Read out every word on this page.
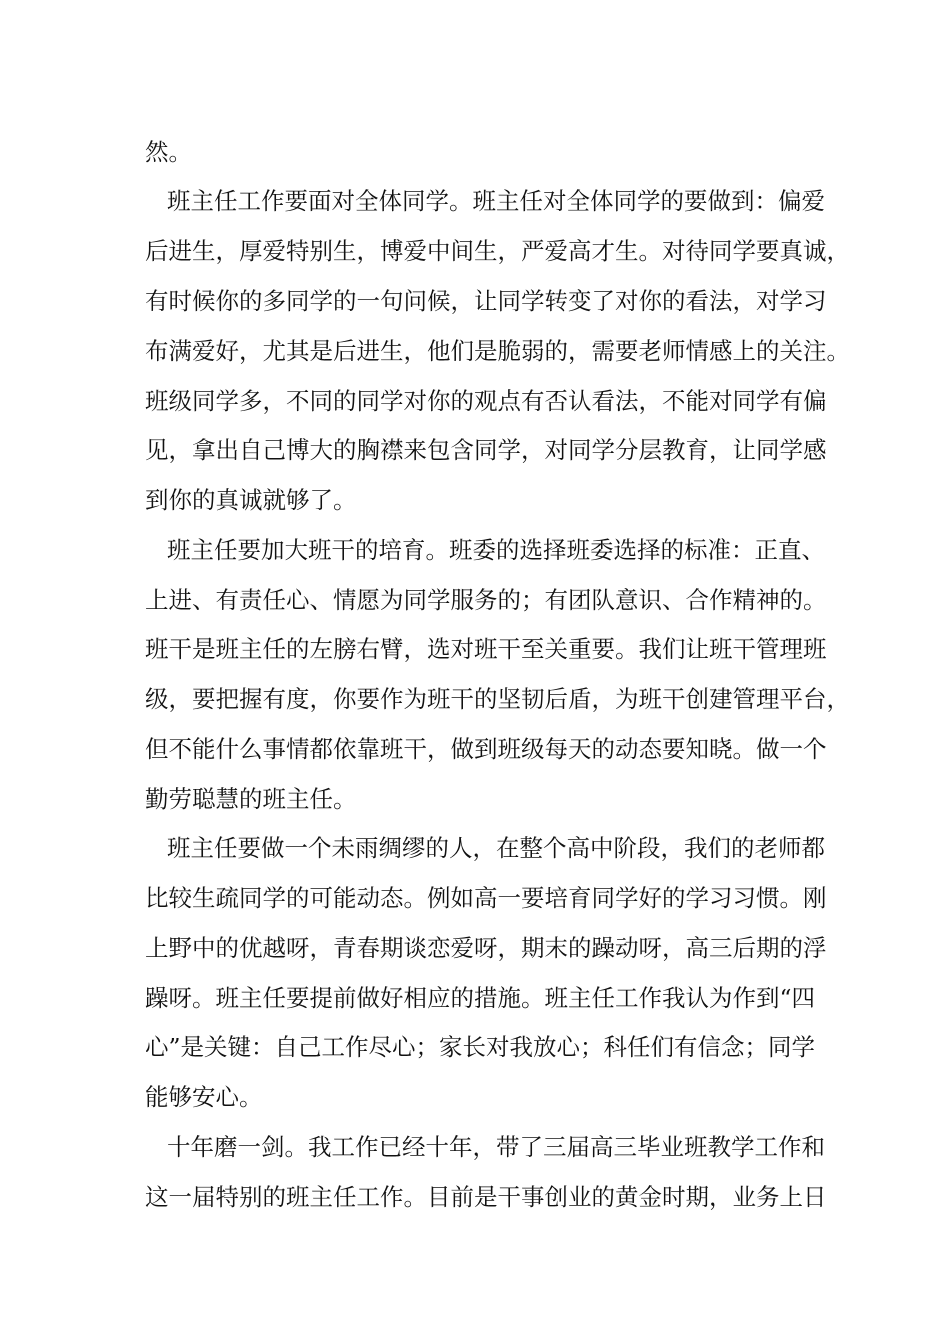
然。

班主任工作要面对全体同学。班主任对全体同学的要做到：偏爱

后进生，厚爱特别生，博爱中间生，严爱高才生。对待同学要真诚，

有时候你的多同学的一句问候，让同学转变了对你的看法，对学习

布满爱好，尤其是后进生，他们是脆弱的，需要老师情感上的关注。

班级同学多，不同的同学对你的观点有否认看法，不能对同学有偏

见，拿出自己博大的胸襟来包含同学，对同学分层教育，让同学感

到你的真诚就够了。

班主任要加大班干的培育。班委的选择班委选择的标准：正直、

上进、有责任心、情愿为同学服务的；有团队意识、合作精神的。

班干是班主任的左膀右臂，选对班干至关重要。我们让班干管理班

级，要把握有度，你要作为班干的坚韧后盾，为班干创建管理平台，

但不能什么事情都依靠班干，做到班级每天的动态要知晓。做一个

勤劳聪慧的班主任。

班主任要做一个未雨绸缪的人，在整个高中阶段，我们的老师都

比较生疏同学的可能动态。例如高一要培育同学好的学习习惯。刚

上野中的优越呀，青春期谈恋爱呀，期末的躁动呀，高三后期的浮

躁呀。班主任要提前做好相应的措施。班主任工作我认为作到“四

心”是关键：自己工作尽心；家长对我放心；科任们有信念；同学

能够安心。

十年磨一剑。我工作已经十年，带了三届高三毕业班教学工作和

这一届特别的班主任工作。目前是干事创业的黄金时期，业务上日
